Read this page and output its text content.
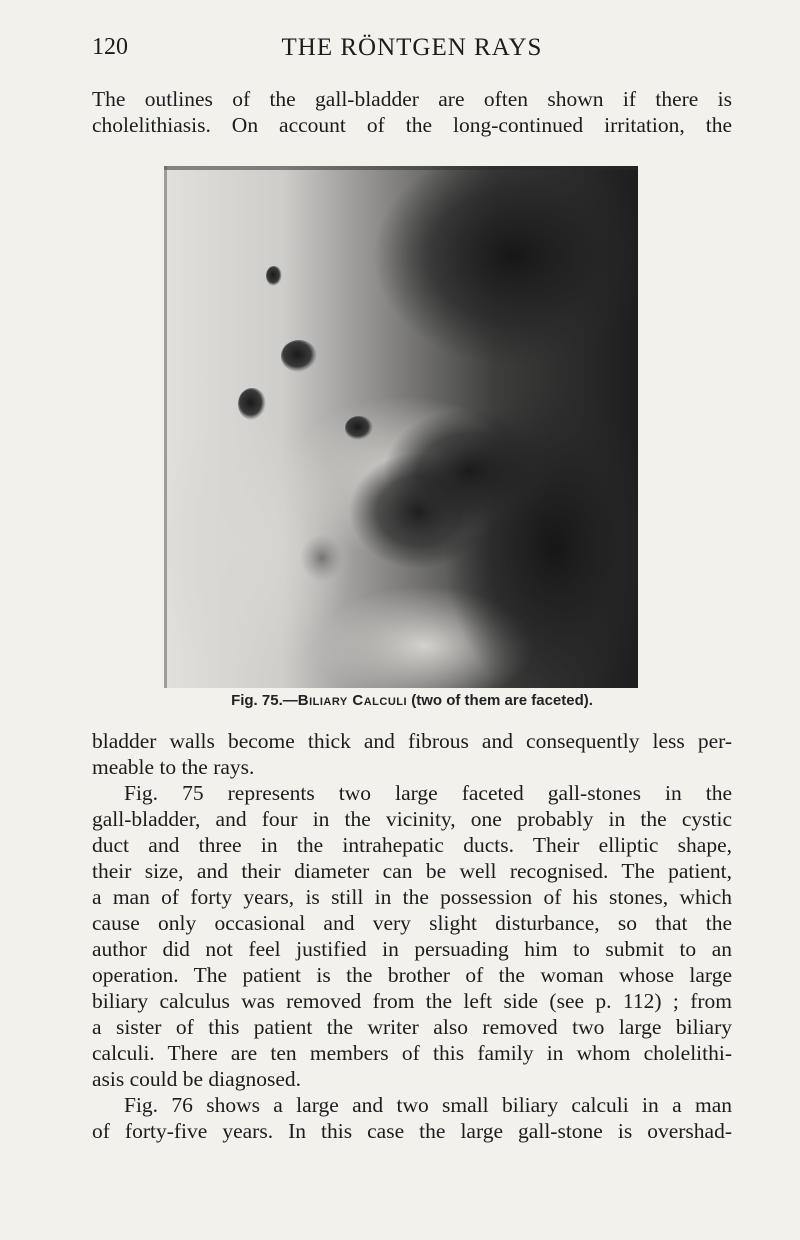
120	THE RÖNTGEN RAYS
The outlines of the gall-bladder are often shown if there is
cholelithiasis. On account of the long-continued irritation, the
Fig. 75.—Biliary Calculi (two of them are faceted).
bladder walls become thick and fibrous and consequently less per-
meable to the rays.
Fig. 75 represents two large faceted gall-stones in the
gall-bladder, and four in the vicinity, one probably in the cystic
duct and three in the intrahepatic ducts. Their elliptic shape,
their size, and their diameter can be well recognised. The patient,
a man of forty years, is still in the possession of his stones, which
cause only occasional and very slight disturbance, so that the
author did not feel justified in persuading him to submit to an
operation. The patient is the brother of the woman whose large
biliary calculus was removed from the left side (see p. 112) ; from
a sister of this patient the writer also removed two large biliary
calculi. There are ten members of this family in whom cholelithi-
asis could be diagnosed.
Fig. 76 shows a large and two small biliary calculi in a man
of forty-five years. In this case the large gall-stone is overshad-
